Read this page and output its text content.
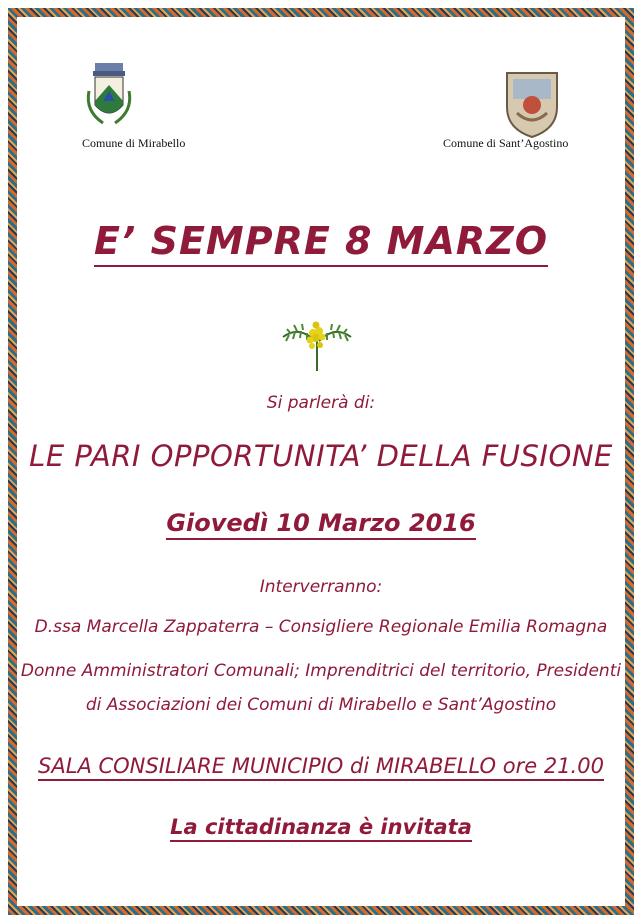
Comune di Mirabello	Comune di Sant’Agostino
E’ SEMPRE 8 MARZO
Si parlerà di:
LE PARI OPPORTUNITA’ DELLA FUSIONE
Giovedì 10 Marzo 2016
Interverranno:
D.ssa Marcella Zappaterra – Consigliere Regionale Emilia Romagna
Donne Amministratori Comunali; Imprenditrici del territorio, Presidenti
di Associazioni dei Comuni di Mirabello e Sant’Agostino
SALA CONSILIARE MUNICIPIO di MIRABELLO ore 21.00
La cittadinanza è invitata
